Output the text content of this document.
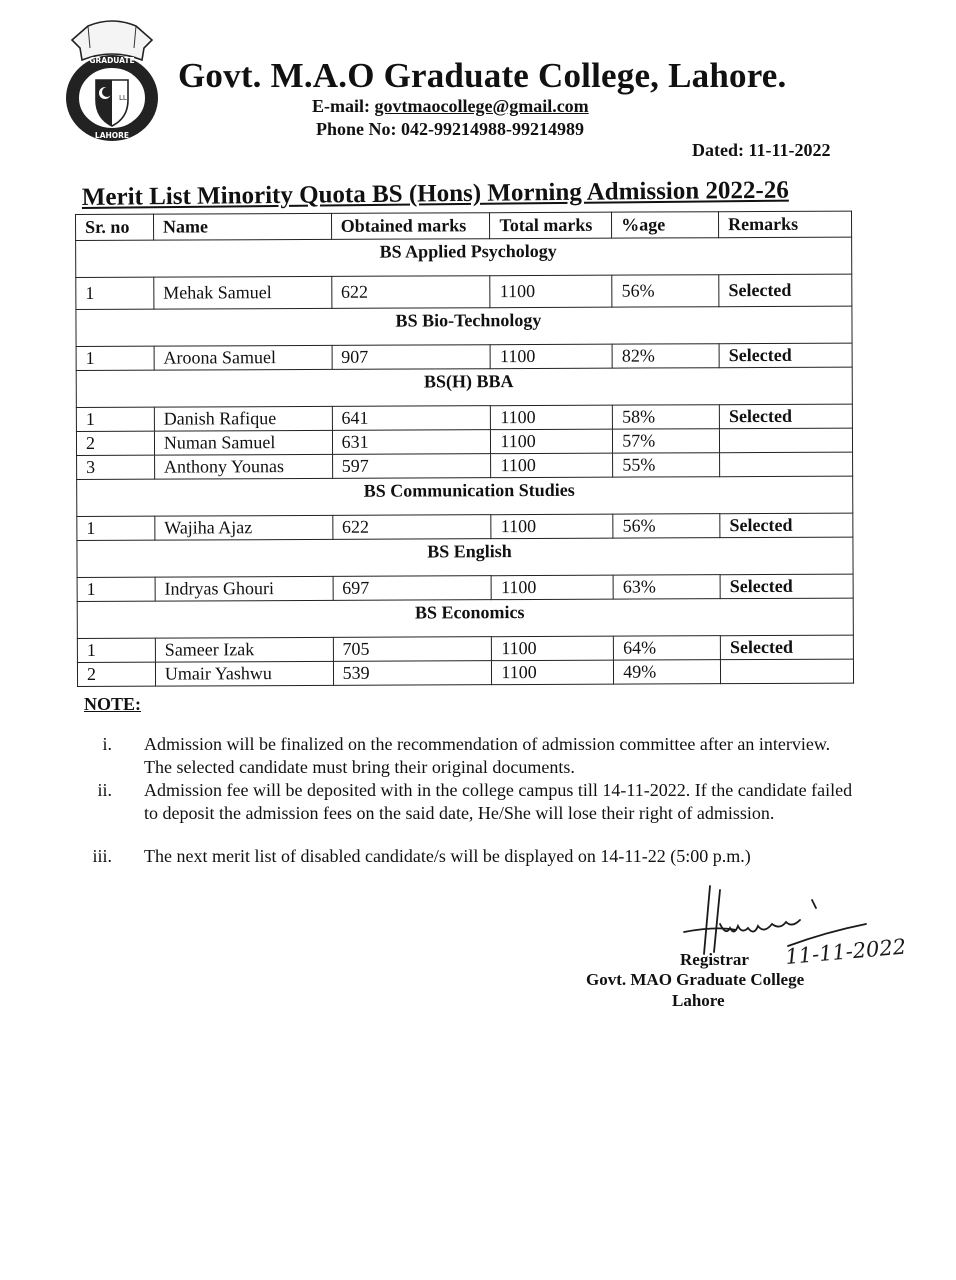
LL
GRADUATE
LAHORE
Govt. M.A.O Graduate College, Lahore.
E-mail: govtmaocollege@gmail.com
Phone No: 042-99214988-99214989
Dated: 11-11-2022
Merit List Minority Quota BS (Hons) Morning Admission 2022-26
Sr. no	Name	Obtained marks	Total marks	%age	Remarks
BS Applied Psychology					
1	Mehak Samuel	622	1100	56%	Selected
BS Bio-Technology					
1	Aroona Samuel	907	1100	82%	Selected
BS(H) BBA					
1	Danish Rafique	641	1100	58%	Selected
2	Numan Samuel	631	1100	57%	
3	Anthony Younas	597	1100	55%	
BS Communication Studies					
1	Wajiha Ajaz	622	1100	56%	Selected
BS English					
1	Indryas Ghouri	697	1100	63%	Selected
BS Economics					
1	Sameer Izak	705	1100	64%	Selected
2	Umair Yashwu	539	1100	49%	
NOTE:
i. Admission will be finalized on the recommendation of admission committee after an interview. The selected candidate must bring their original documents.
ii. Admission fee will be deposited with in the college campus till 14-11-2022. If the candidate failed to deposit the admission fees on the said date, He/She will lose their right of admission.
iii. The next merit list of disabled candidate/s will be displayed on 14-11-22 (5:00 p.m.)
11-11-2022
Registrar
Govt. MAO Graduate College
Lahore
